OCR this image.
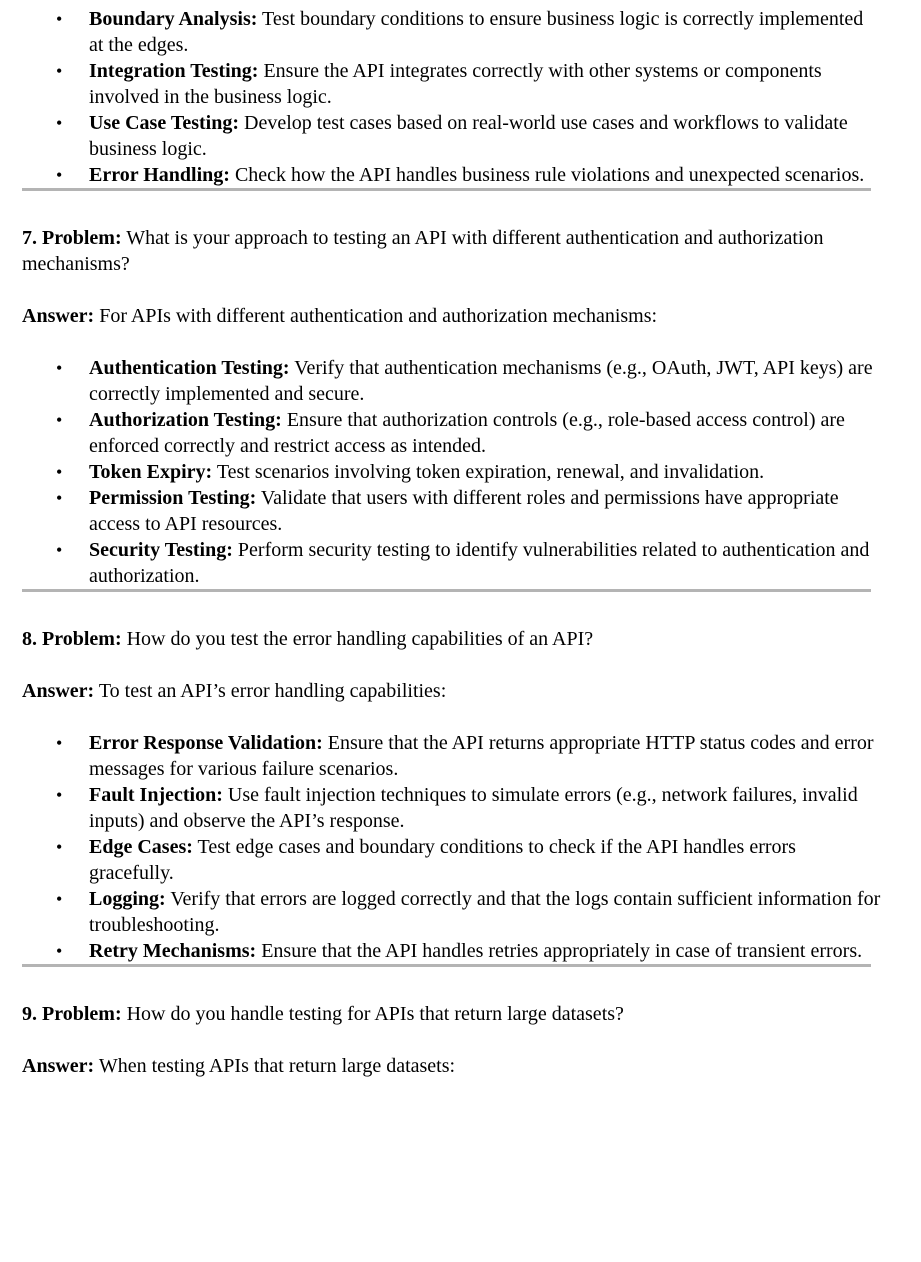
• Boundary Analysis: Test boundary conditions to ensure business logic is correctly implemented at the edges.
• Integration Testing: Ensure the API integrates correctly with other systems or components involved in the business logic.
• Use Case Testing: Develop test cases based on real-world use cases and workflows to validate business logic.
• Error Handling: Check how the API handles business rule violations and unexpected scenarios.

7. Problem: What is your approach to testing an API with different authentication and authorization mechanisms?

Answer: For APIs with different authentication and authorization mechanisms:

• Authentication Testing: Verify that authentication mechanisms (e.g., OAuth, JWT, API keys) are correctly implemented and secure.
• Authorization Testing: Ensure that authorization controls (e.g., role-based access control) are enforced correctly and restrict access as intended.
• Token Expiry: Test scenarios involving token expiration, renewal, and invalidation.
• Permission Testing: Validate that users with different roles and permissions have appropriate access to API resources.
• Security Testing: Perform security testing to identify vulnerabilities related to authentication and authorization.

8. Problem: How do you test the error handling capabilities of an API?

Answer: To test an API’s error handling capabilities:

• Error Response Validation: Ensure that the API returns appropriate HTTP status codes and error messages for various failure scenarios.
• Fault Injection: Use fault injection techniques to simulate errors (e.g., network failures, invalid inputs) and observe the API’s response.
• Edge Cases: Test edge cases and boundary conditions to check if the API handles errors gracefully.
• Logging: Verify that errors are logged correctly and that the logs contain sufficient information for troubleshooting.
• Retry Mechanisms: Ensure that the API handles retries appropriately in case of transient errors.

9. Problem: How do you handle testing for APIs that return large datasets?

Answer: When testing APIs that return large datasets:
